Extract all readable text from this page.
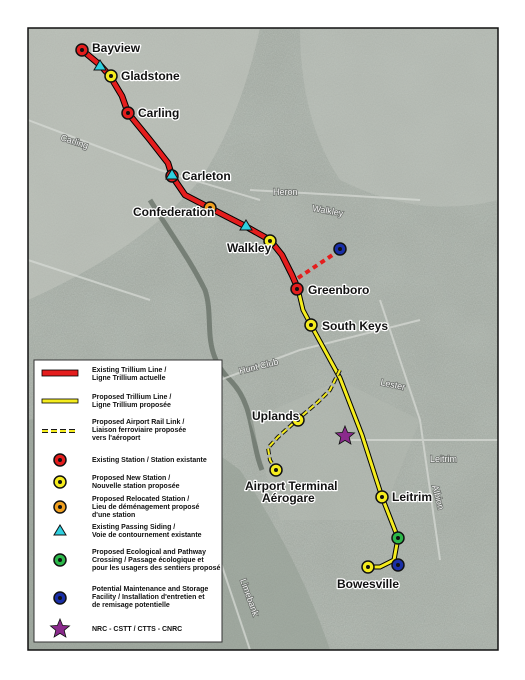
Carling
Heron
Walkley
Hunt Club
Lester
Leitrim
Albion
Limebank
Bayview
Gladstone
Carling
Carleton
Confederation
Walkley
Greenboro
South Keys
Uplands
Airport Terminal
Aérogare	Leitrim
Bowesville
Existing Trillium Line / Ligne Trillium actuelle
Proposed Trillium Line / Ligne Trillium proposée
Proposed Airport Rail Link / Liaison ferroviaire proposée vers l'aéroport
Existing Station / Station existante
Proposed New Station / Nouvelle station proposée
Proposed Relocated Station / Lieu de déménagement proposé d'une station
Existing Passing Siding / Voie de contournement existante
Proposed Ecological and Pathway Crossing / Passage écologique et pour les usagers des sentiers proposé
Potential Maintenance and Storage Facility / Installation d'entretien et de remisage potentielle
NRC - CSTT / CTTS - CNRC
